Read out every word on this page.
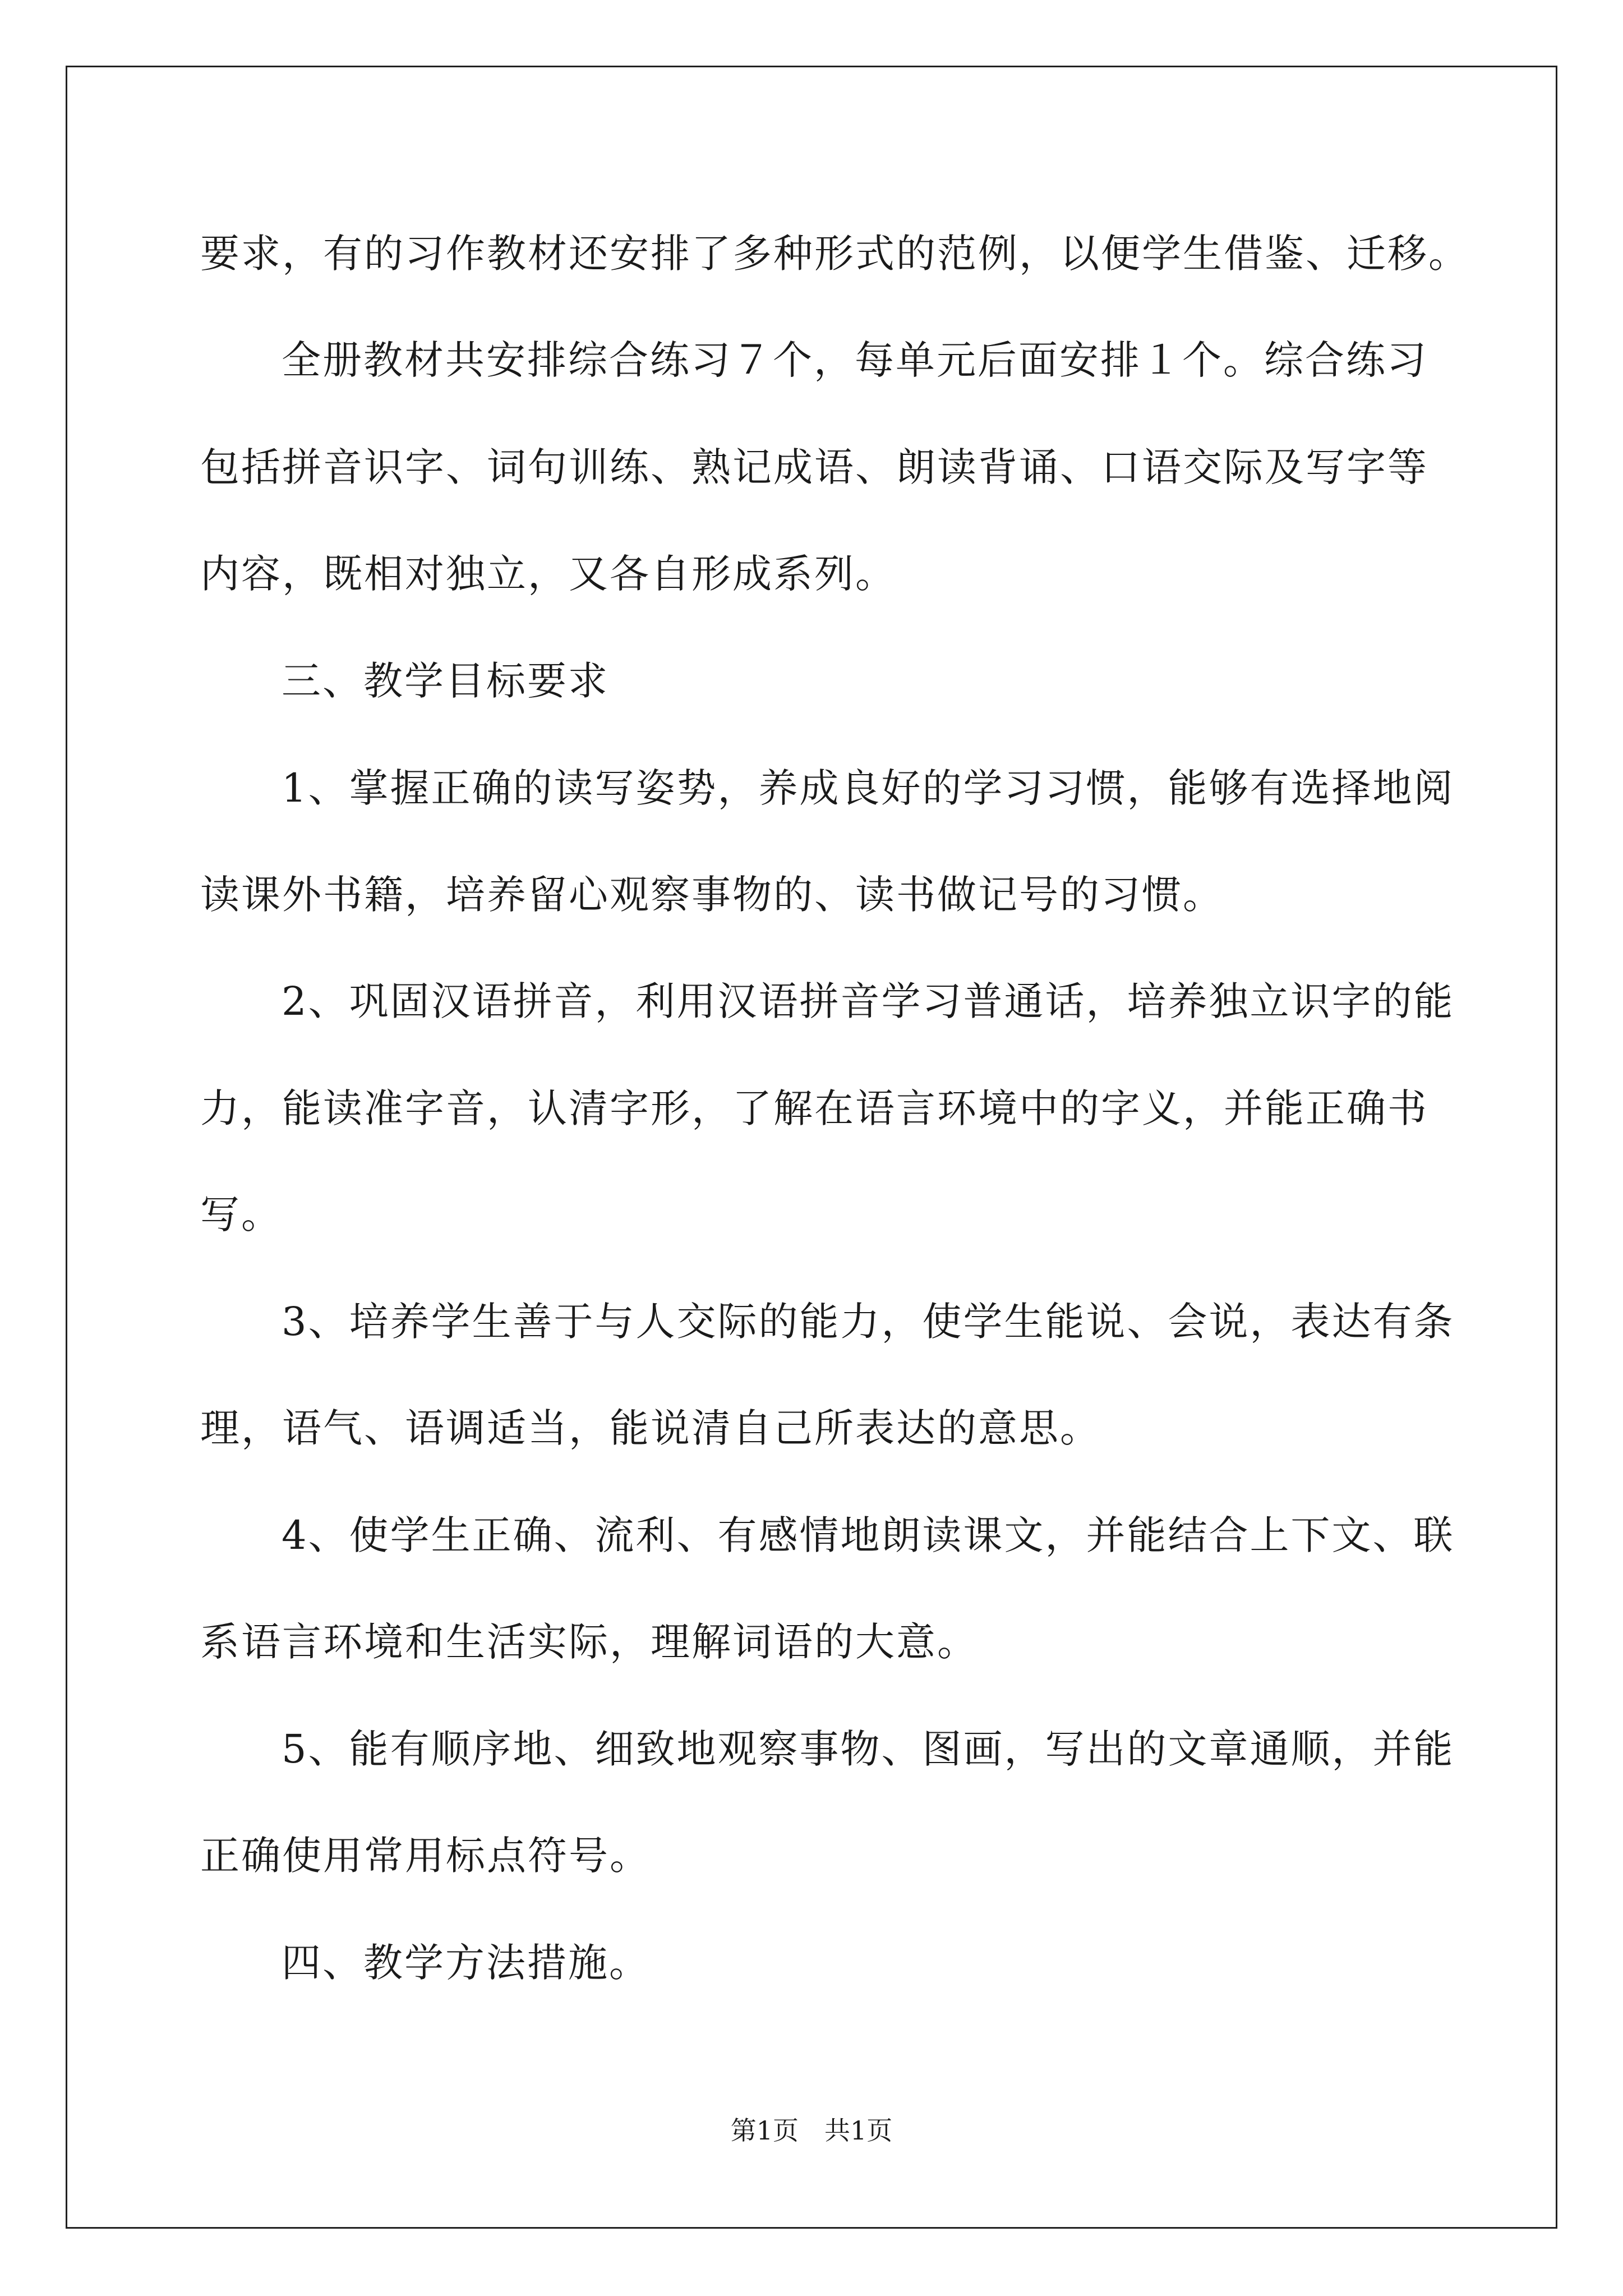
要求，有的习作教材还安排了多种形式的范例，以便学生借鉴、迁移。
全册教材共安排综合练习７个，每单元后面安排１个。综合练习
包括拼音识字、词句训练、熟记成语、朗读背诵、口语交际及写字等
内容，既相对独立，又各自形成系列。
三、教学目标要求
1、掌握正确的读写姿势，养成良好的学习习惯，能够有选择地阅
读课外书籍，培养留心观察事物的、读书做记号的习惯。
2、巩固汉语拼音，利用汉语拼音学习普通话，培养独立识字的能
力，能读准字音，认清字形，了解在语言环境中的字义，并能正确书
写。
3、培养学生善于与人交际的能力，使学生能说、会说，表达有条
理，语气、语调适当，能说清自己所表达的意思。
4、使学生正确、流利、有感情地朗读课文，并能结合上下文、联
系语言环境和生活实际，理解词语的大意。
5、能有顺序地、细致地观察事物、图画，写出的文章通顺，并能
正确使用常用标点符号。
四、教学方法措施。
第1页　共1页
